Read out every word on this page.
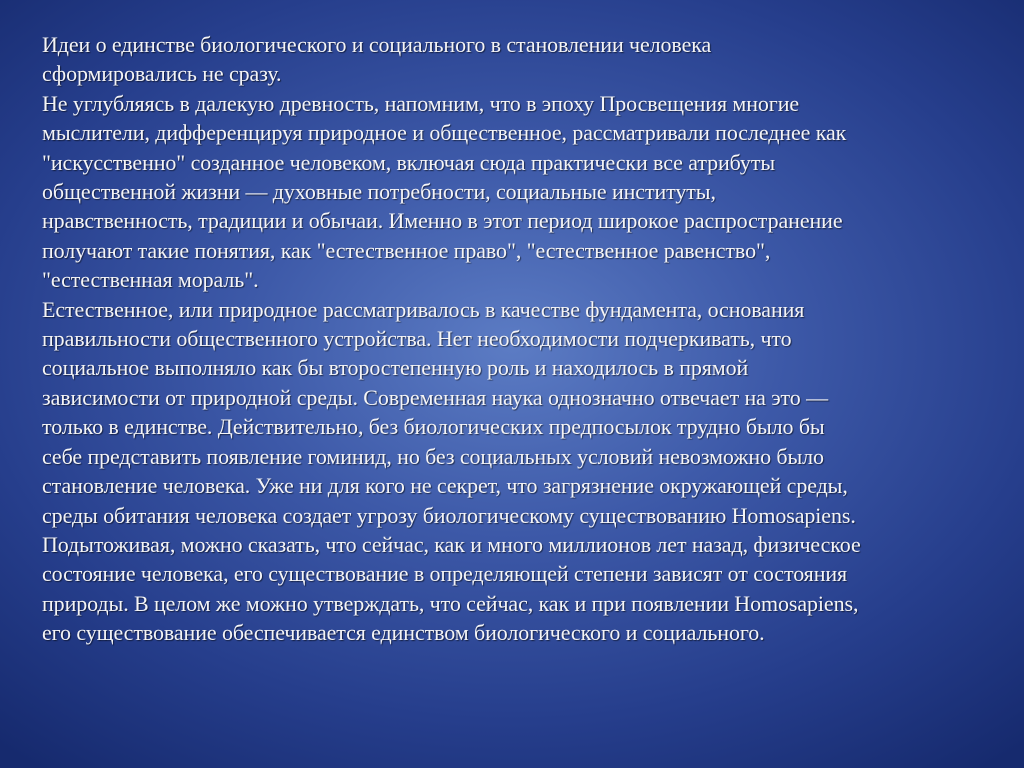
Идеи о единстве биологического и социального в становлении человека
сформировались не сразу.
Не углубляясь в далекую древность, напомним, что в эпоху Просвещения многие
мыслители, дифференцируя природное и общественное, рассматривали последнее как
"искусственно" созданное человеком, включая сюда практически все атрибуты
общественной жизни — духовные потребности, социальные институты,
нравственность, традиции и обычаи. Именно в этот период широкое распространение
получают такие понятия, как "естественное право", "естественное равенство",
"естественная мораль".
Естественное, или природное рассматривалось в качестве фундамента, основания
правильности общественного устройства. Нет необходимости подчеркивать, что
социальное выполняло как бы второстепенную роль и находилось в прямой
зависимости от природной среды. Современная наука однозначно отвечает на это —
только в единстве. Действительно, без биологических предпосылок трудно было бы
себе представить появление гоминид, но без социальных условий невозможно было
становление человека. Уже ни для кого не секрет, что загрязнение окружающей среды,
среды обитания человека создает угрозу биологическому существованию Homosapiens.
Подытоживая, можно сказать, что сейчас, как и много миллионов лет назад, физическое
состояние человека, его существование в определяющей степени зависят от состояния
природы. В целом же можно утверждать, что сейчас, как и при появлении Homosapiens,
его существование обеспечивается единством биологического и социального.
